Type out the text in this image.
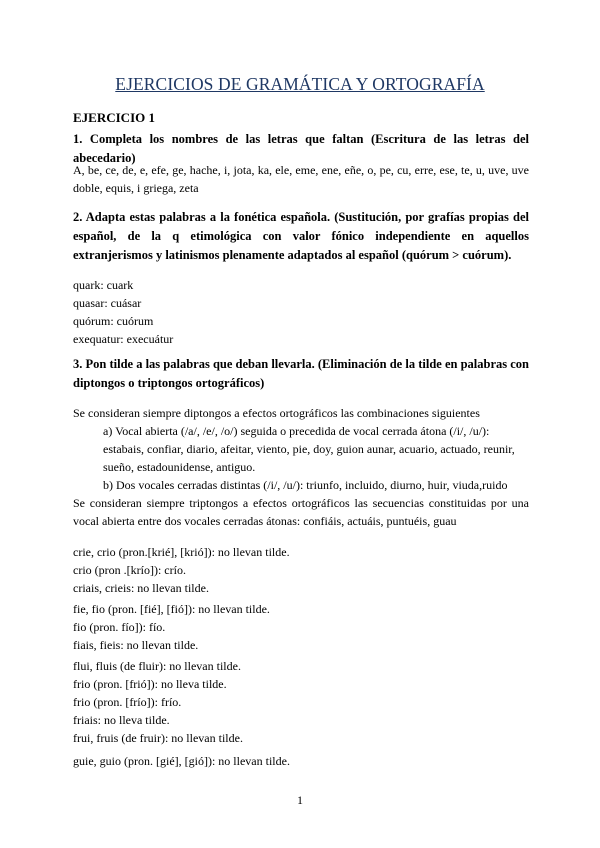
EJERCICIOS DE GRAMÁTICA Y ORTOGRAFÍA
EJERCICIO 1
1. Completa los nombres de las letras que faltan (Escritura de las letras del abecedario)
A, be, ce, de, e, efe, ge, hache, i, jota, ka, ele, eme, ene, eñe, o, pe, cu, erre, ese, te, u, uve, uve doble, equis, i griega, zeta
2. Adapta estas palabras a la fonética española. (Sustitución, por grafías propias del español, de la q etimológica con valor fónico independiente en aquellos extranjerismos y latinismos plenamente adaptados al español (quórum > cuórum).
quark: cuark
quasar: cuásar
quórum: cuórum
exequatur: execuátur
3. Pon tilde a las palabras que deban llevarla. (Eliminación de la tilde en palabras con diptongos o triptongos ortográficos)
Se consideran siempre diptongos a efectos ortográficos las combinaciones siguientes
a) Vocal abierta (/a/, /e/, /o/) seguida o precedida de vocal cerrada átona (/i/, /u/): estabais, confiar, diario, afeitar, viento, pie, doy, guion aunar, acuario, actuado, reunir, sueño, estadounidense, antiguo.
b) Dos vocales cerradas distintas (/i/, /u/): triunfo, incluido, diurno, huir, viuda,ruido
Se consideran siempre triptongos a efectos ortográficos las secuencias constituidas por una vocal abierta entre dos vocales cerradas átonas: confiáis, actuáis, puntuéis, guau
crie, crio (pron.[krié], [krió]): no llevan tilde.
crio (pron .[krío]): crío.
criais, crieis: no llevan tilde.
fie, fio (pron. [fié], [fió]): no llevan tilde.
fio (pron. fío]): fío.
fiais, fieis: no llevan tilde.
flui, fluis (de fluir): no llevan tilde.
frio (pron. [frió]): no lleva tilde.
frio (pron. [frío]): frío.
friais: no lleva tilde.
frui, fruis (de fruir): no llevan tilde.
guie, guio (pron. [gié], [gió]): no llevan tilde.
1
